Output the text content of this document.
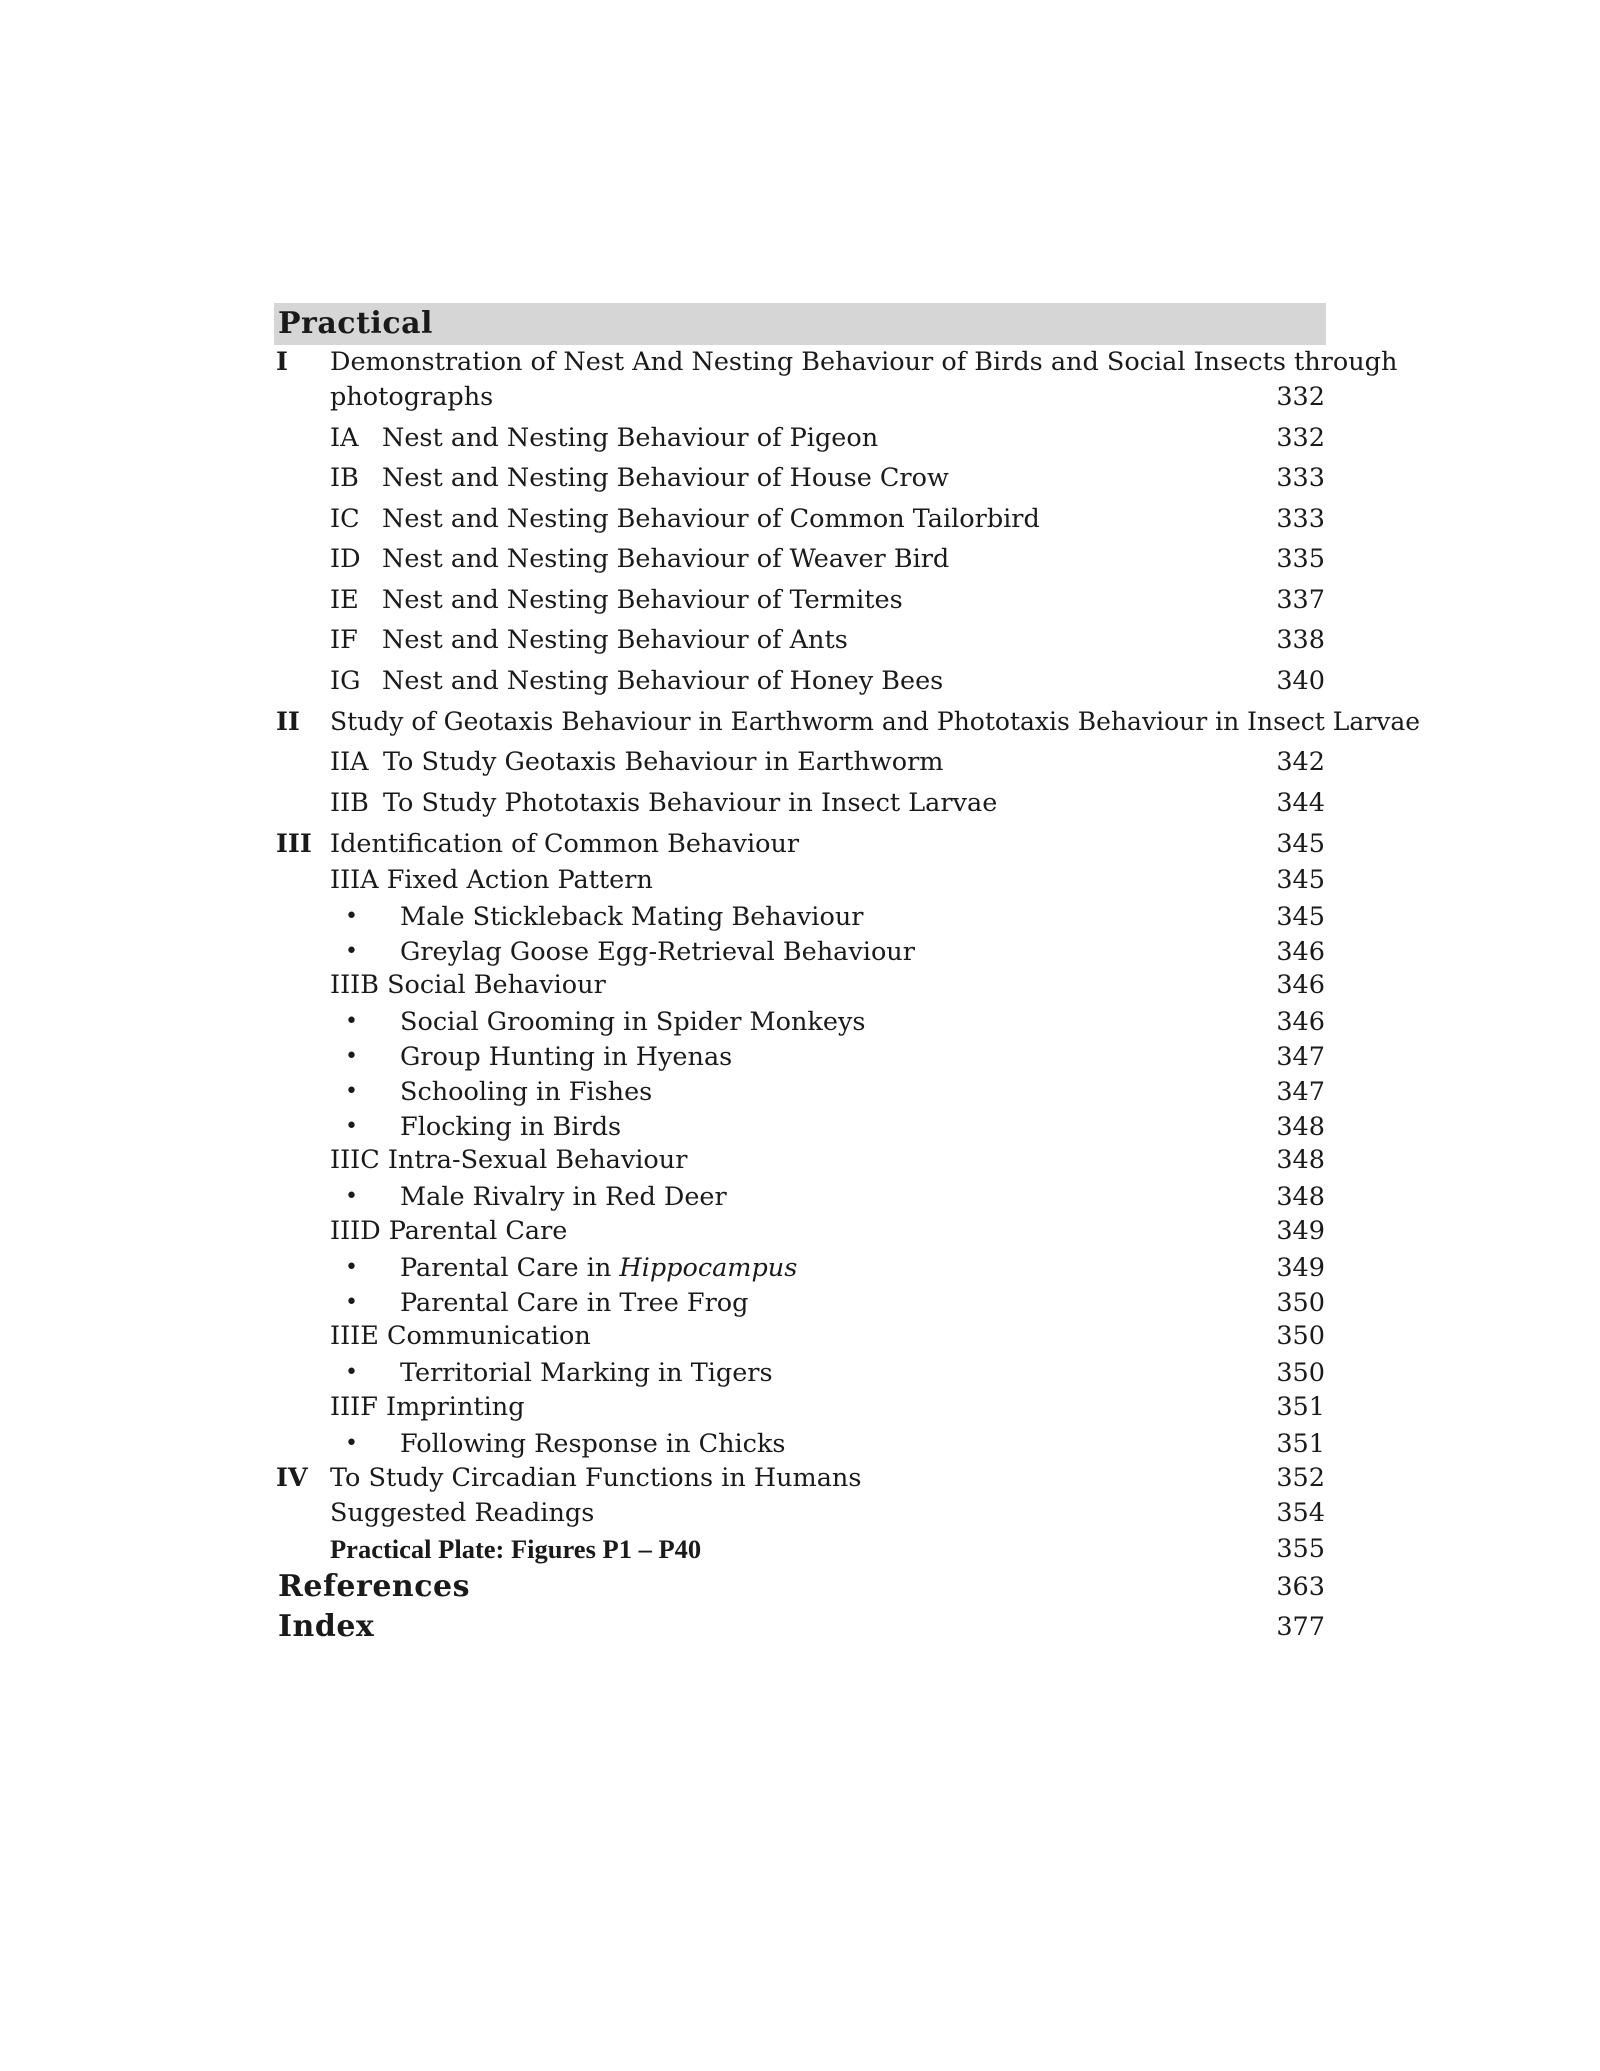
Practical
I Demonstration of Nest And Nesting Behaviour of Birds and Social Insects through
photographs	332
IA Nest and Nesting Behaviour of Pigeon	332
IB Nest and Nesting Behaviour of House Crow	333
IC Nest and Nesting Behaviour of Common Tailorbird	333
ID Nest and Nesting Behaviour of Weaver Bird	335
IE Nest and Nesting Behaviour of Termites	337
IF Nest and Nesting Behaviour of Ants	338
IG Nest and Nesting Behaviour of Honey Bees	340
II Study of Geotaxis Behaviour in Earthworm and Phototaxis Behaviour in Insect Larvae
IIA To Study Geotaxis Behaviour in Earthworm	342
IIB To Study Phototaxis Behaviour in Insect Larvae	344
III Identification of Common Behaviour	345
IIIA Fixed Action Pattern	345
• Male Stickleback Mating Behaviour	345
• Greylag Goose Egg-Retrieval Behaviour	346
IIIB Social Behaviour	346
• Social Grooming in Spider Monkeys	346
• Group Hunting in Hyenas	347
• Schooling in Fishes	347
• Flocking in Birds	348
IIIC Intra-Sexual Behaviour	348
• Male Rivalry in Red Deer	348
IIID Parental Care	349
• Parental Care in Hippocampus	349
• Parental Care in Tree Frog	350
IIIE Communication	350
• Territorial Marking in Tigers	350
IIIF Imprinting	351
• Following Response in Chicks	351
IV To Study Circadian Functions in Humans	352
Suggested Readings	354
Practical Plate: Figures P1 – P40	355
References	363
Index	377
